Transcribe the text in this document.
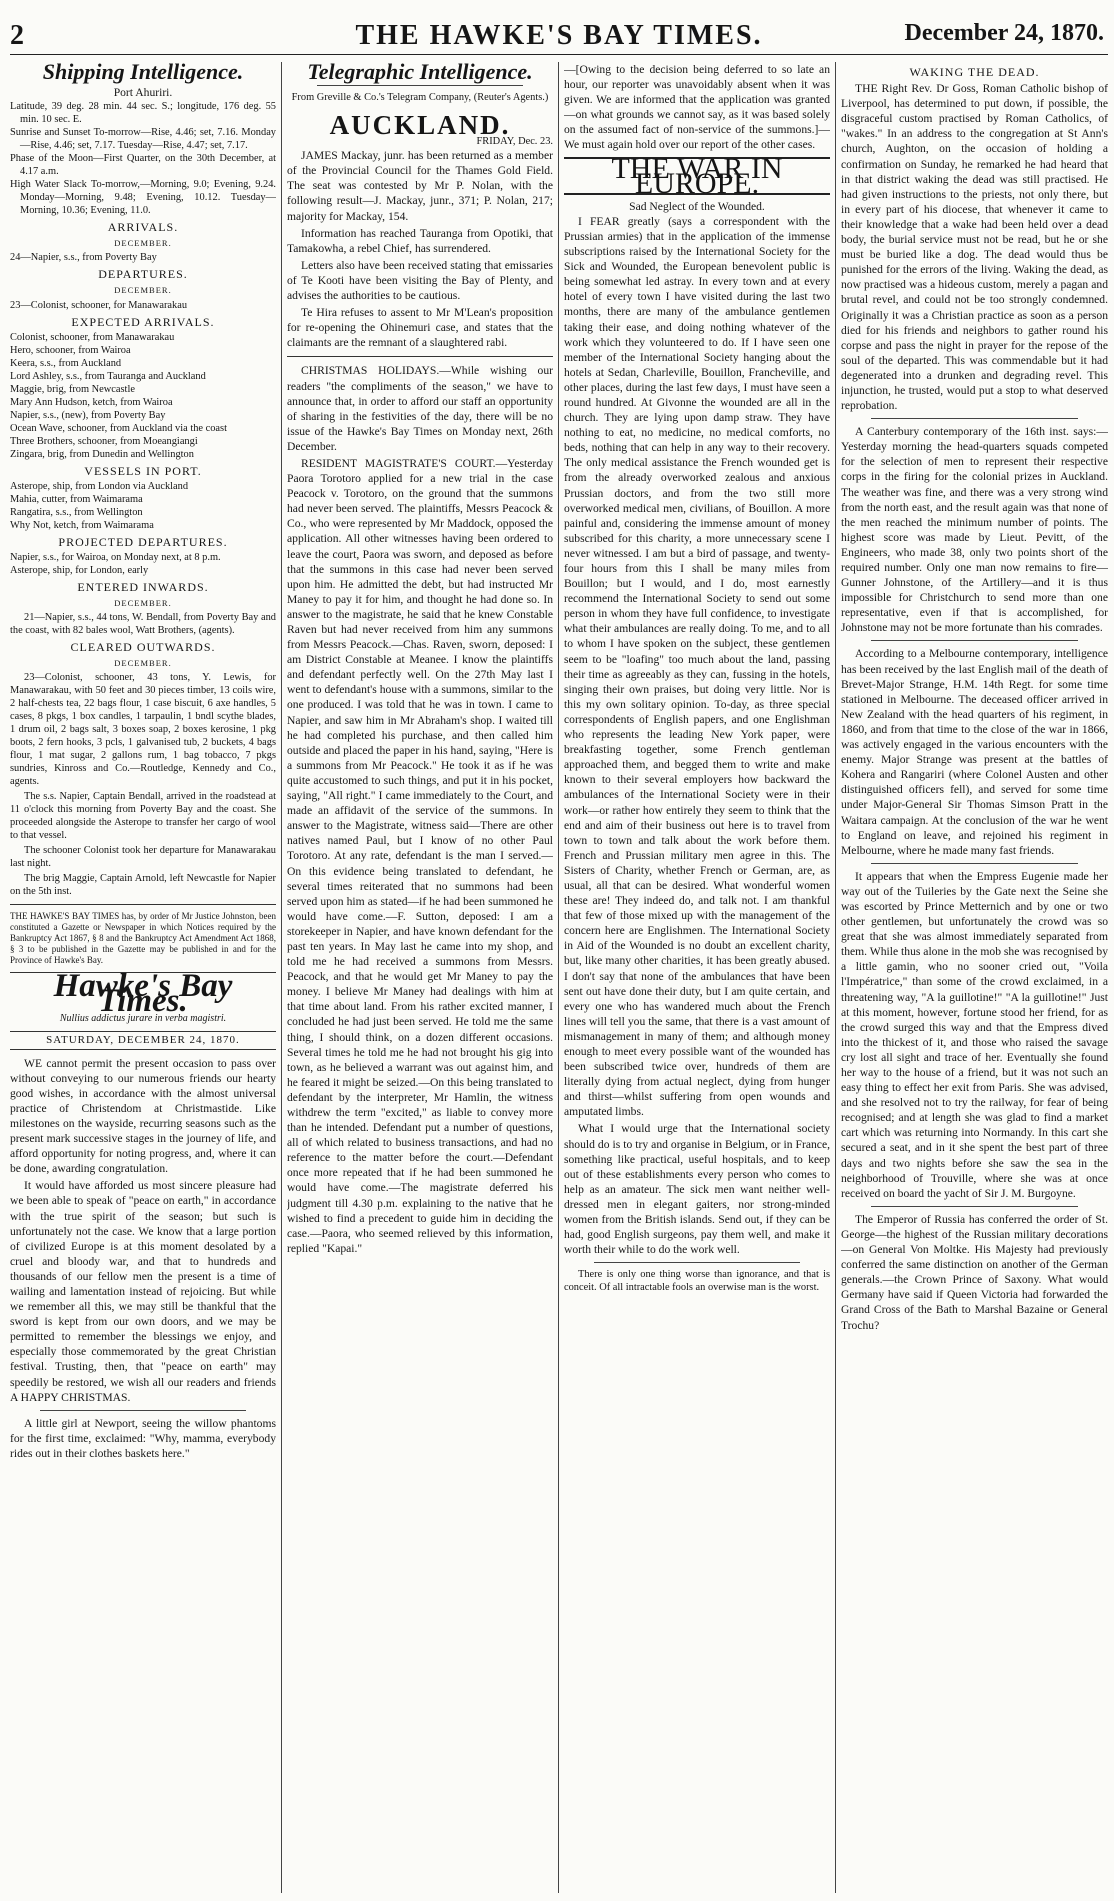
2	THE HAWKE'S BAY TIMES.	December 24, 1870.
Shipping Intelligence.
Port Ahuriri.

Latitude, 39 deg. 28 min. 44 sec. S.; longitude, 176 deg. 55 min. 10 sec. E.

Sunrise and Sunset To-morrow—Rise, 4.46; set, 7.16. Monday—Rise, 4.46; set, 7.17. Tuesday—Rise, 4.47; set, 7.17.

Phase of the Moon—First Quarter, on the 30th December, at 4.17 a.m.

High Water Slack To-morrow,—Morning, 9.0; Evening, 9.24. Monday—Morning, 9.48; Evening, 10.12. Tuesday—Morning, 10.36; Evening, 11.0.

ARRIVALS.
DECEMBER.

24—Napier, s.s., from Poverty Bay

DEPARTURES.
DECEMBER.

23—Colonist, schooner, for Manawarakau

EXPECTED ARRIVALS.

Colonist, schooner, from Manawarakau

Hero, schooner, from Wairoa

Keera, s.s., from Auckland

Lord Ashley, s.s., from Tauranga and Auckland

Maggie, brig, from Newcastle

Mary Ann Hudson, ketch, from Wairoa

Napier, s.s., (new), from Poverty Bay

Ocean Wave, schooner, from Auckland via the coast

Three Brothers, schooner, from Moeangiangi

Zingara, brig, from Dunedin and Wellington

VESSELS IN PORT.

Asterope, ship, from London via Auckland

Mahia, cutter, from Waimarama

Rangatira, s.s., from Wellington

Why Not, ketch, from Waimarama

PROJECTED DEPARTURES.

Napier, s.s., for Wairoa, on Monday next, at 8 p.m.

Asterope, ship, for London, early

ENTERED INWARDS.
DECEMBER.

21—Napier, s.s., 44 tons, W. Bendall, from Poverty Bay and the coast, with 82 bales wool, Watt Brothers, (agents).

CLEARED OUTWARDS.
DECEMBER.

23—Colonist, schooner, 43 tons, Y. Lewis, for Manawarakau, with 50 feet and 30 pieces timber, 13 coils wire, 2 half-chests tea, 22 bags flour, 1 case biscuit, 6 axe handles, 5 cases, 8 pkgs, 1 box candles, 1 tarpaulin, 1 bndl scythe blades, 1 drum oil, 2 bags salt, 3 boxes soap, 2 boxes kerosine, 1 pkg boots, 2 fern hooks, 3 pcls, 1 galvanised tub, 2 buckets, 4 bags flour, 1 mat sugar, 2 gallons rum, 1 bag tobacco, 7 pkgs sundries, Kinross and Co.—Routledge, Kennedy and Co., agents.

The s.s. Napier, Captain Bendall, arrived in the roadstead at 11 o'clock this morning from Poverty Bay and the coast. She proceeded alongside the Asterope to transfer her cargo of wool to that vessel.

The schooner Colonist took her departure for Manawarakau last night.

The brig Maggie, Captain Arnold, left Newcastle for Napier on the 5th inst.

THE HAWKE'S BAY TIMES has, by order of Mr Justice Johnston, been constituted a Gazette or Newspaper in which Notices required by the Bankruptcy Act 1867, § 8 and the Bankruptcy Act Amendment Act 1868, § 3 to be published in the Gazette may be published in and for the Province of Hawke's Bay.

Hawke's Bay Times.
Nullius addictus jurare in verba magistri.
SATURDAY, DECEMBER 24, 1870.

WE cannot permit the present occasion to pass over without conveying to our numerous friends our hearty good wishes, in accordance with the almost universal practice of Christendom at Christmastide. Like milestones on the wayside, recurring seasons such as the present mark successive stages in the journey of life, and afford opportunity for noting progress, and, where it can be done, awarding congratulation.

It would have afforded us most sincere pleasure had we been able to speak of "peace on earth," in accordance with the true spirit of the season; but such is unfortunately not the case. We know that a large portion of civilized Europe is at this moment desolated by a cruel and bloody war, and that to hundreds and thousands of our fellow men the present is a time of wailing and lamentation instead of rejoicing. But while we remember all this, we may still be thankful that the sword is kept from our own doors, and we may be permitted to remember the blessings we enjoy, and especially those commemorated by the great Christian festival. Trusting, then, that "peace on earth" may speedily be restored, we wish all our readers and friends A HAPPY CHRISTMAS.

A little girl at Newport, seeing the willow phantoms for the first time, exclaimed: "Why, mamma, everybody rides out in their clothes baskets here."

Telegraphic Intelligence.
From Greville & Co.'s Telegram Company, (Reuter's Agents.)
AUCKLAND.
FRIDAY, Dec. 23.

JAMES Mackay, junr. has been returned as a member of the Provincial Council for the Thames Gold Field. The seat was contested by Mr P. Nolan, with the following result—J. Mackay, junr., 371; P. Nolan, 217; majority for Mackay, 154.

Information has reached Tauranga from Opotiki, that Tamakowha, a rebel Chief, has surrendered.

Letters also have been received stating that emissaries of Te Kooti have been visiting the Bay of Plenty, and advises the authorities to be cautious.

Te Hira refuses to assent to Mr M'Lean's proposition for re-opening the Ohinemuri case, and states that the claimants are the remnant of a slaughtered rabi.

CHRISTMAS HOLIDAYS.—While wishing our readers "the compliments of the season," we have to announce that, in order to afford our staff an opportunity of sharing in the festivities of the day, there will be no issue of the Hawke's Bay Times on Monday next, 26th December.

RESIDENT MAGISTRATE'S COURT.—Yesterday Paora Torotoro applied for a new trial in the case Peacock v. Torotoro, on the ground that the summons had never been served. The plaintiffs, Messrs Peacock & Co., who were represented by Mr Maddock, opposed the application. All other witnesses having been ordered to leave the court, Paora was sworn, and deposed as before that the summons in this case had never been served upon him. He admitted the debt, but had instructed Mr Maney to pay it for him, and thought he had done so. In answer to the magistrate, he said that he knew Constable Raven but had never received from him any summons from Messrs Peacock.—Chas. Raven, sworn, deposed: I am District Constable at Meanee. I know the plaintiffs and defendant perfectly well. On the 27th May last I went to defendant's house with a summons, similar to the one produced. I was told that he was in town. I came to Napier, and saw him in Mr Abraham's shop. I waited till he had completed his purchase, and then called him outside and placed the paper in his hand, saying, "Here is a summons from Mr Peacock." He took it as if he was quite accustomed to such things, and put it in his pocket, saying, "All right." I came immediately to the Court, and made an affidavit of the service of the summons. In answer to the Magistrate, witness said—There are other natives named Paul, but I know of no other Paul Torotoro. At any rate, defendant is the man I served.—On this evidence being translated to defendant, he several times reiterated that no summons had been served upon him as stated—if he had been summoned he would have come.—F. Sutton, deposed: I am a storekeeper in Napier, and have known defendant for the past ten years. In May last he came into my shop, and told me he had received a summons from Messrs. Peacock, and that he would get Mr Maney to pay the money. I believe Mr Maney had dealings with him at that time about land. From his rather excited manner, I concluded he had just been served. He told me the same thing, I should think, on a dozen different occasions. Several times he told me he had not brought his gig into town, as he believed a warrant was out against him, and he feared it might be seized.—On this being translated to defendant by the interpreter, Mr Hamlin, the witness withdrew the term "excited," as liable to convey more than he intended. Defendant put a number of questions, all of which related to business transactions, and had no reference to the matter before the court.—Defendant once more repeated that if he had been summoned he would have come.—The magistrate deferred his judgment till 4.30 p.m. explaining to the native that he wished to find a precedent to guide him in deciding the case.—Paora, who seemed relieved by this information, replied "Kapai."

—[Owing to the decision being deferred to so late an hour, our reporter was unavoidably absent when it was given. We are informed that the application was granted—on what grounds we cannot say, as it was based solely on the assumed fact of non-service of the summons.]—We must again hold over our report of the other cases.

THE WAR IN EUROPE.
Sad Neglect of the Wounded.

I FEAR greatly (says a correspondent with the Prussian armies) that in the application of the immense subscriptions raised by the International Society for the Sick and Wounded, the European benevolent public is being somewhat led astray. In every town and at every hotel of every town I have visited during the last two months, there are many of the ambulance gentlemen taking their ease, and doing nothing whatever of the work which they volunteered to do. If I have seen one member of the International Society hanging about the hotels at Sedan, Charleville, Bouillon, Francheville, and other places, during the last few days, I must have seen a round hundred. At Givonne the wounded are all in the church. They are lying upon damp straw. They have nothing to eat, no medicine, no medical comforts, no beds, nothing that can help in any way to their recovery. The only medical assistance the French wounded get is from the already overworked zealous and anxious Prussian doctors, and from the two still more overworked medical men, civilians, of Bouillon. A more painful and, considering the immense amount of money subscribed for this charity, a more unnecessary scene I never witnessed. I am but a bird of passage, and twenty-four hours from this I shall be many miles from Bouillon; but I would, and I do, most earnestly recommend the International Society to send out some person in whom they have full confidence, to investigate what their ambulances are really doing. To me, and to all to whom I have spoken on the subject, these gentlemen seem to be "loafing" too much about the land, passing their time as agreeably as they can, fussing in the hotels, singing their own praises, but doing very little. Nor is this my own solitary opinion. To-day, as three special correspondents of English papers, and one Englishman who represents the leading New York paper, were breakfasting together, some French gentleman approached them, and begged them to write and make known to their several employers how backward the ambulances of the International Society were in their work—or rather how entirely they seem to think that the end and aim of their business out here is to travel from town to town and talk about the work before them. French and Prussian military men agree in this. The Sisters of Charity, whether French or German, are, as usual, all that can be desired. What wonderful women these are! They indeed do, and talk not. I am thankful that few of those mixed up with the management of the concern here are Englishmen. The International Society in Aid of the Wounded is no doubt an excellent charity, but, like many other charities, it has been greatly abused. I don't say that none of the ambulances that have been sent out have done their duty, but I am quite certain, and every one who has wandered much about the French lines will tell you the same, that there is a vast amount of mismanagement in many of them; and although money enough to meet every possible want of the wounded has been subscribed twice over, hundreds of them are literally dying from actual neglect, dying from hunger and thirst—whilst suffering from open wounds and amputated limbs.

What I would urge that the International society should do is to try and organise in Belgium, or in France, something like practical, useful hospitals, and to keep out of these establishments every person who comes to help as an amateur. The sick men want neither well-dressed men in elegant gaiters, nor strong-minded women from the British islands. Send out, if they can be had, good English surgeons, pay them well, and make it worth their while to do the work well.

There is only one thing worse than ignorance, and that is conceit. Of all intractable fools an overwise man is the worst.

WAKING THE DEAD.

THE Right Rev. Dr Goss, Roman Catholic bishop of Liverpool, has determined to put down, if possible, the disgraceful custom practised by Roman Catholics, of "wakes." In an address to the congregation at St Ann's church, Aughton, on the occasion of holding a confirmation on Sunday, he remarked he had heard that in that district waking the dead was still practised. He had given instructions to the priests, not only there, but in every part of his diocese, that whenever it came to their knowledge that a wake had been held over a dead body, the burial service must not be read, but he or she must be buried like a dog. The dead would thus be punished for the errors of the living. Waking the dead, as now practised was a hideous custom, merely a pagan and brutal revel, and could not be too strongly condemned. Originally it was a Christian practice as soon as a person died for his friends and neighbors to gather round his corpse and pass the night in prayer for the repose of the soul of the departed. This was commendable but it had degenerated into a drunken and degrading revel. This injunction, he trusted, would put a stop to what deserved reprobation.

A Canterbury contemporary of the 16th inst. says:—Yesterday morning the head-quarters squads competed for the selection of men to represent their respective corps in the firing for the colonial prizes in Auckland. The weather was fine, and there was a very strong wind from the north east, and the result again was that none of the men reached the minimum number of points. The highest score was made by Lieut. Pevitt, of the Engineers, who made 38, only two points short of the required number. Only one man now remains to fire—Gunner Johnstone, of the Artillery—and it is thus impossible for Christchurch to send more than one representative, even if that is accomplished, for Johnstone may not be more fortunate than his comrades.

According to a Melbourne contemporary, intelligence has been received by the last English mail of the death of Brevet-Major Strange, H.M. 14th Regt. for some time stationed in Melbourne. The deceased officer arrived in New Zealand with the head quarters of his regiment, in 1860, and from that time to the close of the war in 1866, was actively engaged in the various encounters with the enemy. Major Strange was present at the battles of Kohera and Rangariri (where Colonel Austen and other distinguished officers fell), and served for some time under Major-General Sir Thomas Simson Pratt in the Waitara campaign. At the conclusion of the war he went to England on leave, and rejoined his regiment in Melbourne, where he made many fast friends.

It appears that when the Empress Eugenie made her way out of the Tuileries by the Gate next the Seine she was escorted by Prince Metternich and by one or two other gentlemen, but unfortunately the crowd was so great that she was almost immediately separated from them. While thus alone in the mob she was recognised by a little gamin, who no sooner cried out, "Voila l'Impératrice," than some of the crowd exclaimed, in a threatening way, "A la guillotine!" "A la guillotine!" Just at this moment, however, fortune stood her friend, for as the crowd surged this way and that the Empress dived into the thickest of it, and those who raised the savage cry lost all sight and trace of her. Eventually she found her way to the house of a friend, but it was not such an easy thing to effect her exit from Paris. She was advised, and she resolved not to try the railway, for fear of being recognised; and at length she was glad to find a market cart which was returning into Normandy. In this cart she secured a seat, and in it she spent the best part of three days and two nights before she saw the sea in the neighborhood of Trouville, where she was at once received on board the yacht of Sir J. M. Burgoyne.

The Emperor of Russia has conferred the order of St. George—the highest of the Russian military decorations—on General Von Moltke. His Majesty had previously conferred the same distinction on another of the German generals.—the Crown Prince of Saxony. What would Germany have said if Queen Victoria had forwarded the Grand Cross of the Bath to Marshal Bazaine or General Trochu?
